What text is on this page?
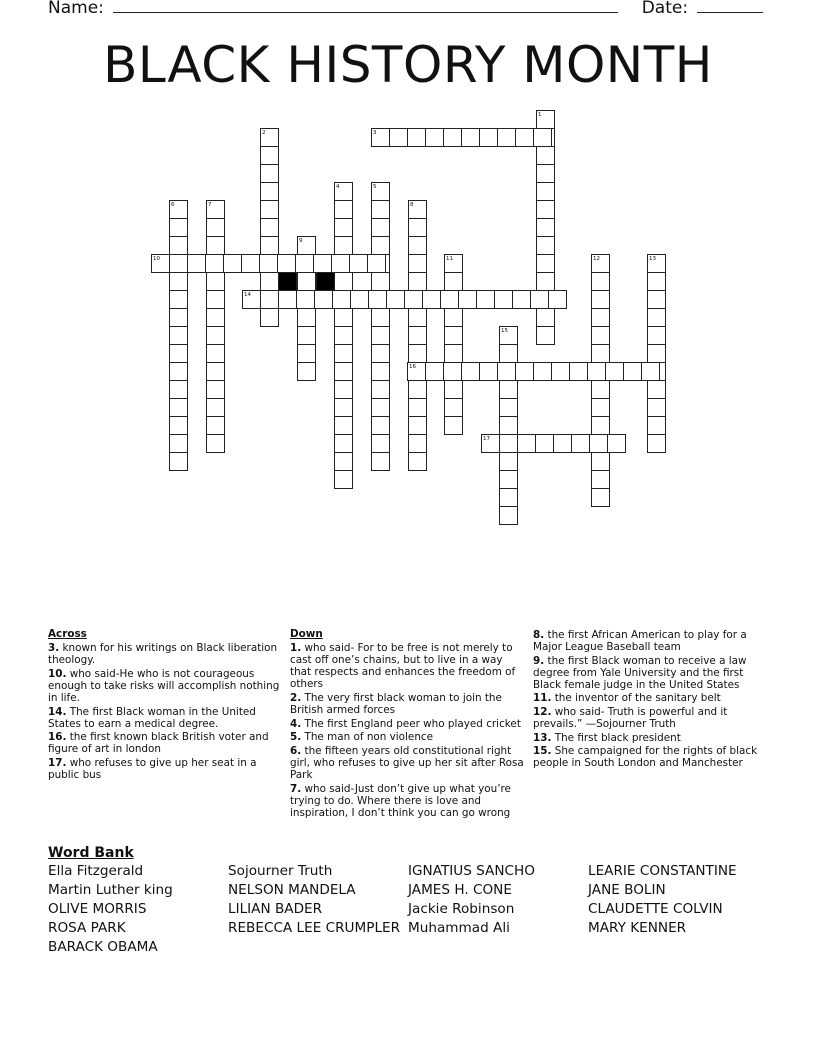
Name:	Date:
BLACK HISTORY MONTH
1
2	3
4	5
6	7	8
9
10	11	12	13
14
15
16
17
Across
3. known for his writings on Black liberation theology.
10. who said-He who is not courageous enough to take risks will accomplish nothing in life.
14. The first Black woman in the United States to earn a medical degree.
16. the first known black British voter and figure of art in london
17. who refuses to give up her seat in a public bus
Down
1. who said- For to be free is not merely to cast off one’s chains, but to live in a way that respects and enhances the freedom of others
2. The very first black woman to join the British armed forces
4. The first England peer who played cricket
5. The man of non violence
6. the fifteen years old constitutional right girl, who refuses to give up her sit after Rosa Park
7. who said-Just don’t give up what you’re trying to do. Where there is love and inspiration, I don’t think you can go wrong
8. the first African American to play for a Major League Baseball team
9. the first Black woman to receive a law degree from Yale University and the first Black female judge in the United States
11. the inventor of the sanitary belt
12. who said- Truth is powerful and it prevails.” —Sojourner Truth
13. The first black president
15. She campaigned for the rights of black people in South London and Manchester
Word Bank
Ella Fitzgerald
Martin Luther king
OLIVE MORRIS
ROSA PARK
BARACK OBAMA
Sojourner Truth
NELSON MANDELA
LILIAN BADER
REBECCA LEE CRUMPLER
IGNATIUS SANCHO
JAMES H. CONE
Jackie Robinson
Muhammad Ali
LEARIE CONSTANTINE
JANE BOLIN
CLAUDETTE COLVIN
MARY KENNER
